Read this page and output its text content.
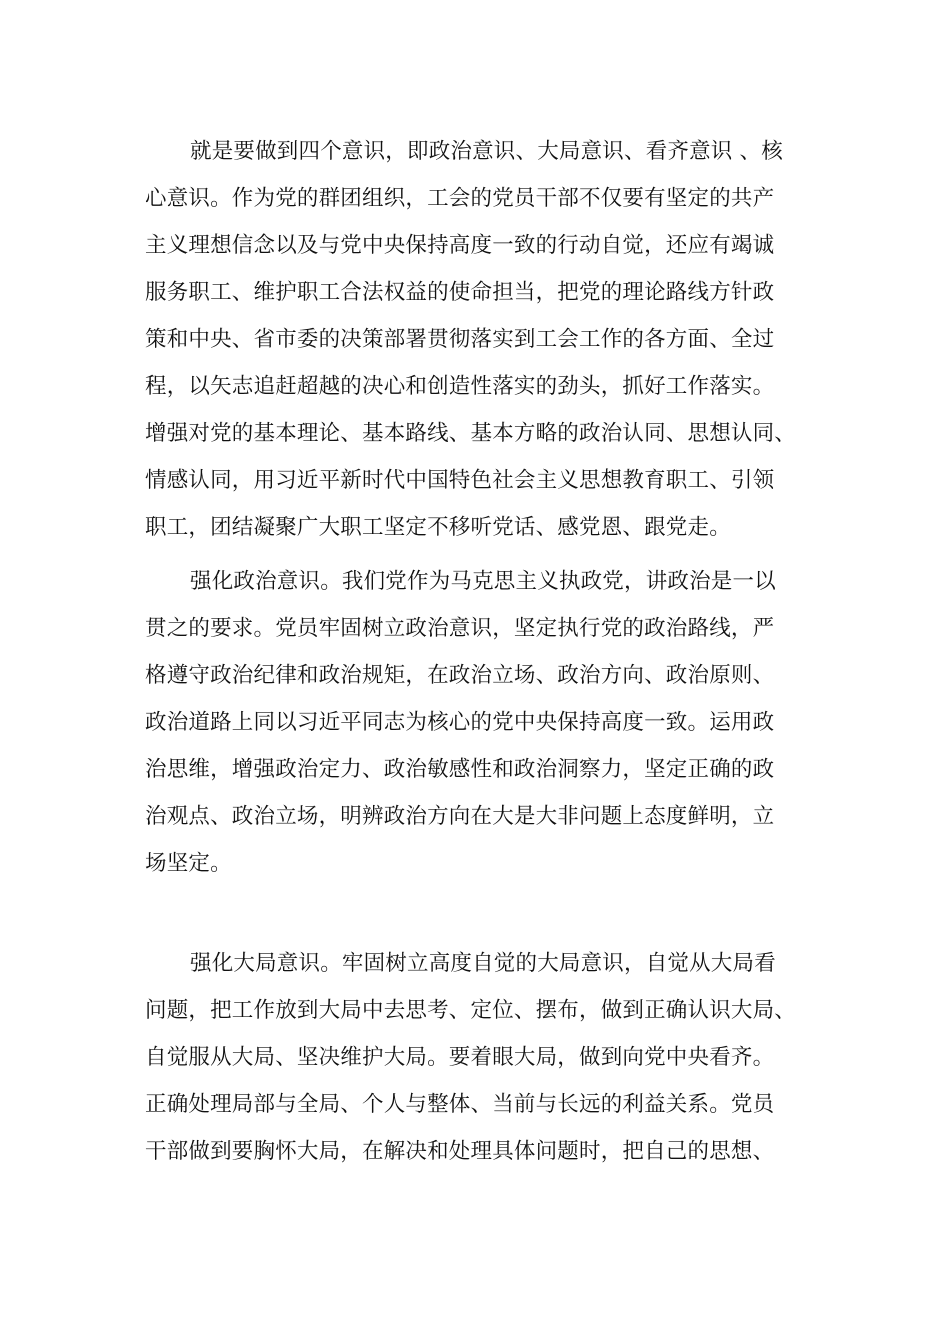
就是要做到四个意识，即政治意识、大局意识、看齐意识 、核
心意识。作为党的群团组织，工会的党员干部不仅要有坚定的共产
主义理想信念以及与党中央保持高度一致的行动自觉，还应有竭诚
服务职工、维护职工合法权益的使命担当，把党的理论路线方针政
策和中央、省市委的决策部署贯彻落实到工会工作的各方面、全过
程，以矢志追赶超越的决心和创造性落实的劲头，抓好工作落实。
增强对党的基本理论、基本路线、基本方略的政治认同、思想认同、
情感认同，用习近平新时代中国特色社会主义思想教育职工、引领
职工，团结凝聚广大职工坚定不移听党话、感党恩、跟党走。
强化政治意识。我们党作为马克思主义执政党，讲政治是一以
贯之的要求。党员牢固树立政治意识，坚定执行党的政治路线，严
格遵守政治纪律和政治规矩，在政治立场、政治方向、政治原则、
政治道路上同以习近平同志为核心的党中央保持高度一致。运用政
治思维，增强政治定力、政治敏感性和政治洞察力，坚定正确的政
治观点、政治立场，明辨政治方向在大是大非问题上态度鲜明，立
场坚定。
强化大局意识。牢固树立高度自觉的大局意识，自觉从大局看
问题，把工作放到大局中去思考、定位、摆布，做到正确认识大局、
自觉服从大局、坚决维护大局。要着眼大局，做到向党中央看齐。
正确处理局部与全局、个人与整体、当前与长远的利益关系。党员
干部做到要胸怀大局，在解决和处理具体问题时，把自己的思想、
